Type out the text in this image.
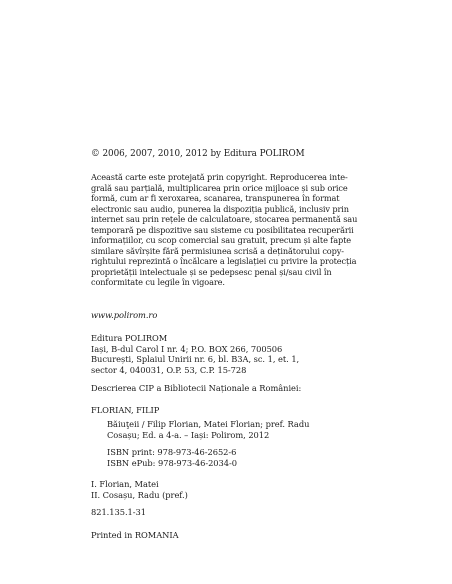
© 2006, 2007, 2010, 2012 by Editura POLIROM
Această carte este protejată prin copyright. Reproducerea inte-
grală sau parțială, multiplicarea prin orice mijloace și sub orice
formă, cum ar fi xeroxarea, scanarea, transpunerea în format
electronic sau audio, punerea la dispoziția publică, inclusiv prin
internet sau prin rețele de calculatoare, stocarea permanentă sau
temporară pe dispozitive sau sisteme cu posibilitatea recuperării
informațiilor, cu scop comercial sau gratuit, precum și alte fapte
similare săvîrșite fără permisiunea scrisă a deținătorului copy-
rightului reprezintă o încălcare a legislației cu privire la protecția
proprietății intelectuale și se pedepsesc penal și/sau civil în
conformitate cu legile în vigoare.
www.polirom.ro
Editura POLIROM
Iași, B-dul Carol I nr. 4; P.O. BOX 266, 700506
București, Splaiul Unirii nr. 6, bl. B3A, sc. 1, et. 1,
sector 4, 040031, O.P. 53, C.P. 15-728
Descrierea CIP a Bibliotecii Naționale a României:
FLORIAN, FILIP
Băiuţeii / Filip Florian, Matei Florian; pref. Radu
Cosașu; Ed. a 4-a. – Iași: Polirom, 2012
ISBN print: 978-973-46-2652-6
ISBN ePub: 978-973-46-2034-0
I. Florian, Matei
II. Cosașu, Radu (pref.)
821.135.1-31
Printed in ROMANIA
